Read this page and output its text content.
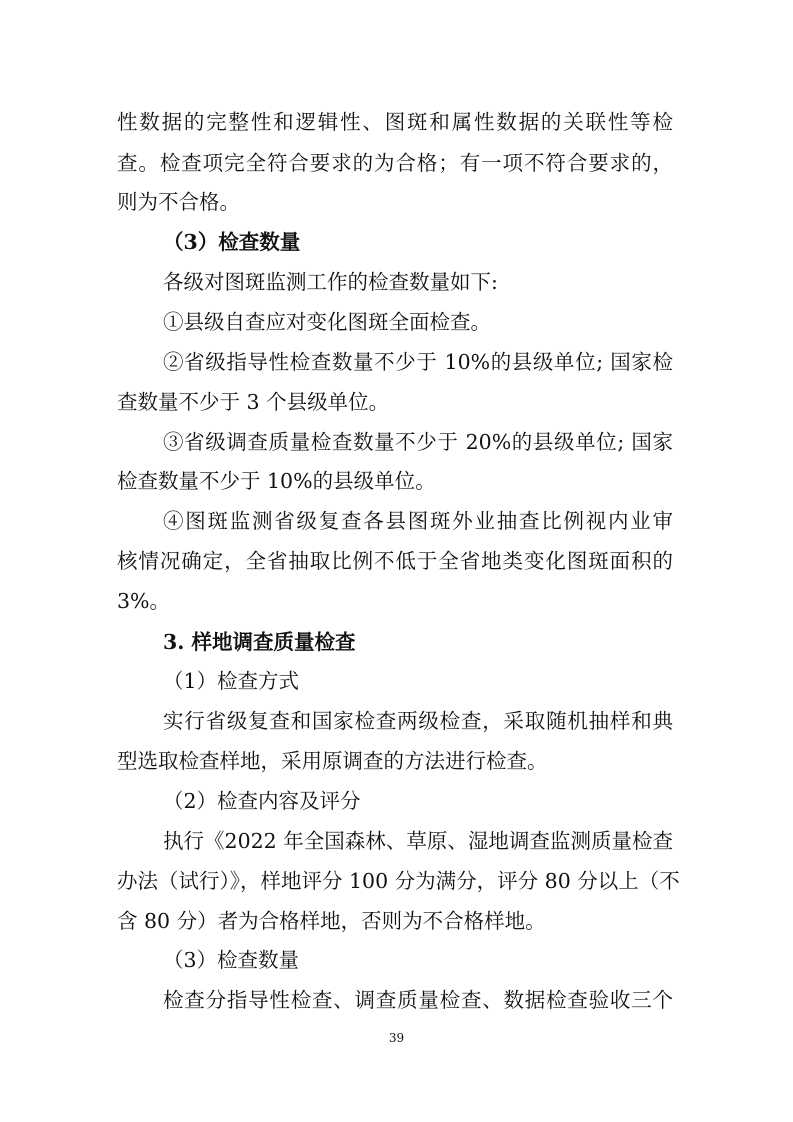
性数据的完整性和逻辑性、图斑和属性数据的关联性等检
查。检查项完全符合要求的为合格；有一项不符合要求的，
则为不合格。
（3）检查数量
各级对图斑监测工作的检查数量如下:
①县级自查应对变化图斑全面检查。
②省级指导性检查数量不少于 10%的县级单位; 国家检
查数量不少于 3 个县级单位。
③省级调查质量检查数量不少于 20%的县级单位; 国家
检查数量不少于 10%的县级单位。
④图斑监测省级复查各县图斑外业抽查比例视内业审
核情况确定，全省抽取比例不低于全省地类变化图斑面积的
3%。
3. 样地调查质量检查
（1）检查方式
实行省级复查和国家检查两级检查，采取随机抽样和典
型选取检查样地，采用原调查的方法进行检查。
（2）检查内容及评分
执行《2022 年全国森林、草原、湿地调查监测质量检查
办法（试行）》，样地评分 100 分为满分，评分 80 分以上（不
含 80 分）者为合格样地，否则为不合格样地。
（3）检查数量
检查分指导性检查、调查质量检查、数据检查验收三个
39
